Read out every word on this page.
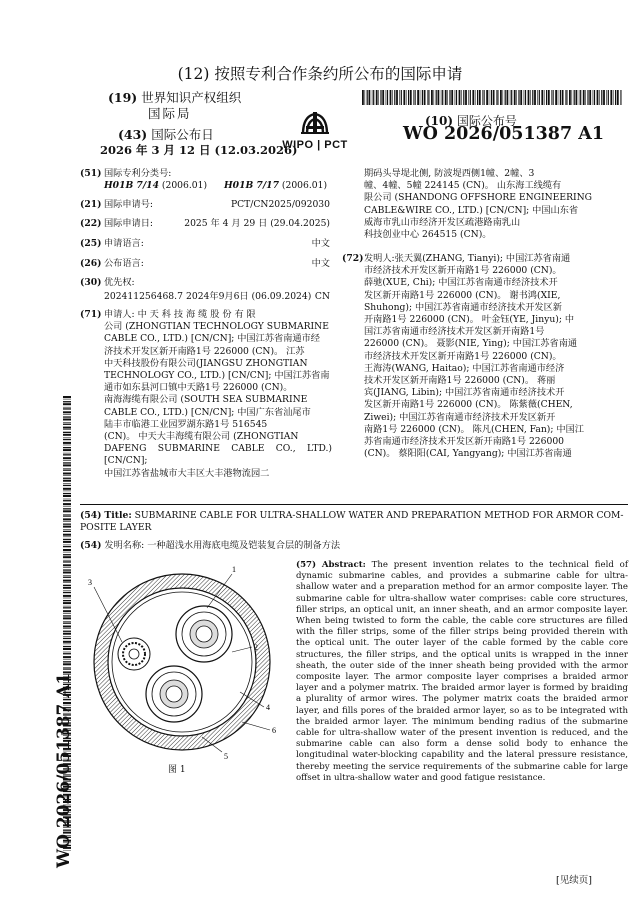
(12) 按照专利合作条约所公布的国际申请
(19) 世界知识产权组织
国际局
(43) 国际公布日
2026 年 3 月 12 日 (12.03.2026)
WIPO | PCT
(10) 国际公布号
WO 2026/051387 A1
(51) 国际专利分类号:
H01B 7/14 (2006.01) H01B 7/17 (2006.01)
(21) 国际申请号:	PCT/CN2025/092030
(22) 国际申请日:	2025 年 4 月 29 日 (29.04.2025)
(25) 申请语言:	中文
(26) 公布语言:	中文
(30) 优先权:
202411256468.7 2024年9月6日 (06.09.2024) CN
(71) 申请人: 中 天 科 技 海 缆 股 份 有 限
公司 (ZHONGTIAN TECHNOLOGY SUBMARINE
CABLE CO., LTD.) [CN/CN]; 中国江苏省南通市经
济技术开发区新开南路1号 226000 (CN)。 江苏
中天科技股份有限公司(JIANGSU ZHONGTIAN
TECHNOLOGY CO., LTD.) [CN/CN]; 中国江苏省南
通市如东县河口镇中天路1号 226000 (CN)。
南海海缆有限公司 (SOUTH SEA SUBMARINE
CABLE CO., LTD.) [CN/CN]; 中国广东省汕尾市
陆丰市临港工业园罗湖东路1号 516545
(CN)。 中天大丰海缆有限公司 (ZHONGTIAN
DAFENG SUBMARINE CABLE CO., LTD.) [CN/CN];
中国江苏省盐城市大丰区大丰港物流园二
期码头导堤北侧, 防波堤西侧1幢、2幢、3
幢、4幢、5幢 224145 (CN)。 山东海工线缆有
限公司 (SHANDONG OFFSHORE ENGINEERING
CABLE&WIRE CO., LTD.) [CN/CN]; 中国山东省
威海市乳山市经济开发区疏港路南乳山
科技创业中心 264515 (CN)。
(72) 发明人:张天翼(ZHANG, Tianyi); 中国江苏省南通
市经济技术开发区新开南路1号 226000 (CN)。
薛驰(XUE, Chi); 中国江苏省南通市经济技术开
发区新开南路1号 226000 (CN)。 谢书鸿(XIE,
Shuhong); 中国江苏省南通市经济技术开发区新
开南路1号 226000 (CN)。 叶金钰(YE, Jinyu); 中
国江苏省南通市经济技术开发区新开南路1号
226000 (CN)。 聂影(NIE, Ying); 中国江苏省南通
市经济技术开发区新开南路1号 226000 (CN)。
王海涛(WANG, Haitao); 中国江苏省南通市经济
技术开发区新开南路1号 226000 (CN)。 蒋丽
宾(JIANG, Libin); 中国江苏省南通市经济技术开
发区新开南路1号 226000 (CN)。 陈紫薇(CHEN,
Ziwei); 中国江苏省南通市经济技术开发区新开
南路1号 226000 (CN)。 陈凡(CHEN, Fan); 中国江
苏省南通市经济技术开发区新开南路1号 226000
(CN)。 蔡阳阳(CAI, Yangyang); 中国江苏省南通
WO 2026/051387 A1
(54) Title: SUBMARINE CABLE FOR ULTRA-SHALLOW WATER AND PREPARATION METHOD FOR ARMOR COM-
POSITE LAYER
(54) 发明名称: 一种超浅水用海底电缆及铠装复合层的制备方法
1
2
3
4
5
6
图 1
(57) Abstract: The present invention relates to the technical field of dynamic submarine cables, and provides a submarine cable for ultra-shallow water and a preparation method for an armor composite layer. The submarine cable for ultra-shallow water comprises: cable core structures, filler strips, an optical unit, an inner sheath, and an armor composite layer. When being twisted to form the cable, the cable core structures are filled with the filler strips, some of the filler strips being provided therein with the optical unit. The outer layer of the cable formed by the cable core structures, the filler strips, and the optical units is wrapped in the inner sheath, the outer side of the inner sheath being provided with the armor composite layer. The armor composite layer comprises a braided armor layer and a polymer matrix. The braided armor layer is formed by braiding a plurality of armor wires. The polymer matrix coats the braided armor layer, and fills pores of the braided armor layer, so as to be integrated with the braided armor layer. The minimum bending radius of the submarine cable for ultra-shallow water of the present invention is reduced, and the submarine cable can also form a dense solid body to enhance the longitudinal water-blocking capability and the lateral pressure resistance, thereby meeting the service requirements of the submarine cable for large offset in ultra-shallow water and good fatigue resistance.
[见续页]
